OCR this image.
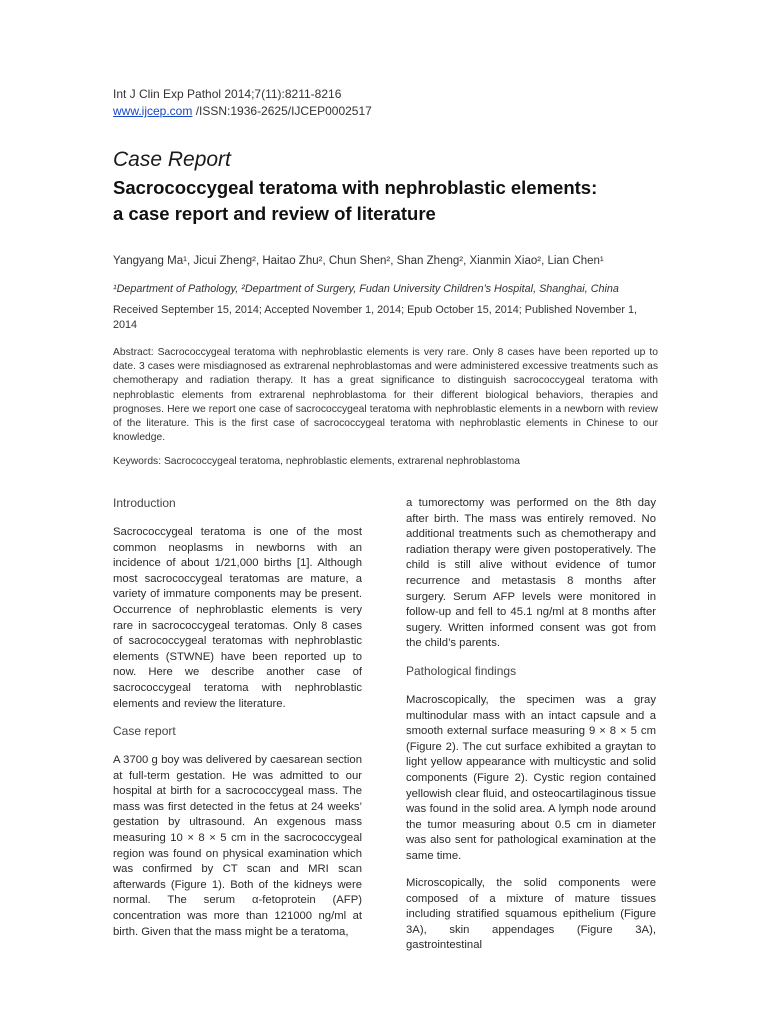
Int J Clin Exp Pathol 2014;7(11):8211-8216
www.ijcep.com /ISSN:1936-2625/IJCEP0002517
Case Report
Sacrococcygeal teratoma with nephroblastic elements:
a case report and review of literature
Yangyang Ma¹, Jicui Zheng², Haitao Zhu², Chun Shen², Shan Zheng², Xianmin Xiao², Lian Chen¹
¹Department of Pathology, ²Department of Surgery, Fudan University Children’s Hospital, Shanghai, China
Received September 15, 2014; Accepted November 1, 2014; Epub October 15, 2014; Published November 1, 2014
Abstract: Sacrococcygeal teratoma with nephroblastic elements is very rare. Only 8 cases have been reported up to date. 3 cases were misdiagnosed as extrarenal nephroblastomas and were administered excessive treatments such as chemotherapy and radiation therapy. It has a great significance to distinguish sacrococcygeal teratoma with nephroblastic elements from extrarenal nephroblastoma for their different biological behaviors, therapies and prognoses. Here we report one case of sacrococcygeal teratoma with nephroblastic elements in a newborn with review of the literature. This is the first case of sacrococcygeal teratoma with nephroblastic elements in Chinese to our knowledge.
Keywords: Sacrococcygeal teratoma, nephroblastic elements, extrarenal nephroblastoma
Introduction
Sacrococcygeal teratoma is one of the most common neoplasms in newborns with an incidence of about 1/21,000 births [1]. Although most sacrococcygeal teratomas are mature, a variety of immature components may be present. Occurrence of nephroblastic elements is very rare in sacrococcygeal teratomas. Only 8 cases of sacrococcygeal teratomas with nephroblastic elements (STWNE) have been reported up to now. Here we describe another case of sacrococcygeal teratoma with nephroblastic elements and review the literature.
Case report
A 3700 g boy was delivered by caesarean section at full-term gestation. He was admitted to our hospital at birth for a sacrococcygeal mass. The mass was first detected in the fetus at 24 weeks’ gestation by ultrasound. An exgenous mass measuring 10 × 8 × 5 cm in the sacrococcygeal region was found on physical examination which was confirmed by CT scan and MRI scan afterwards (Figure 1). Both of the kidneys were normal. The serum α-fetoprotein (AFP) concentration was more than 121000 ng/ml at birth. Given that the mass might be a teratoma,
a tumorectomy was performed on the 8th day after birth. The mass was entirely removed. No additional treatments such as chemotherapy and radiation therapy were given postoperatively. The child is still alive without evidence of tumor recurrence and metastasis 8 months after surgery. Serum AFP levels were monitored in follow-up and fell to 45.1 ng/ml at 8 months after sugery. Written informed consent was got from the child’s parents.
Pathological findings
Macroscopically, the specimen was a gray multinodular mass with an intact capsule and a smooth external surface measuring 9 × 8 × 5 cm (Figure 2). The cut surface exhibited a graytan to light yellow appearance with multicystic and solid components (Figure 2). Cystic region contained yellowish clear fluid, and osteocartilaginous tissue was found in the solid area. A lymph node around the tumor measuring about 0.5 cm in diameter was also sent for pathological examination at the same time.
Microscopically, the solid components were composed of a mixture of mature tissues including stratified squamous epithelium (Figure 3A), skin appendages (Figure 3A), gastrointestinal
